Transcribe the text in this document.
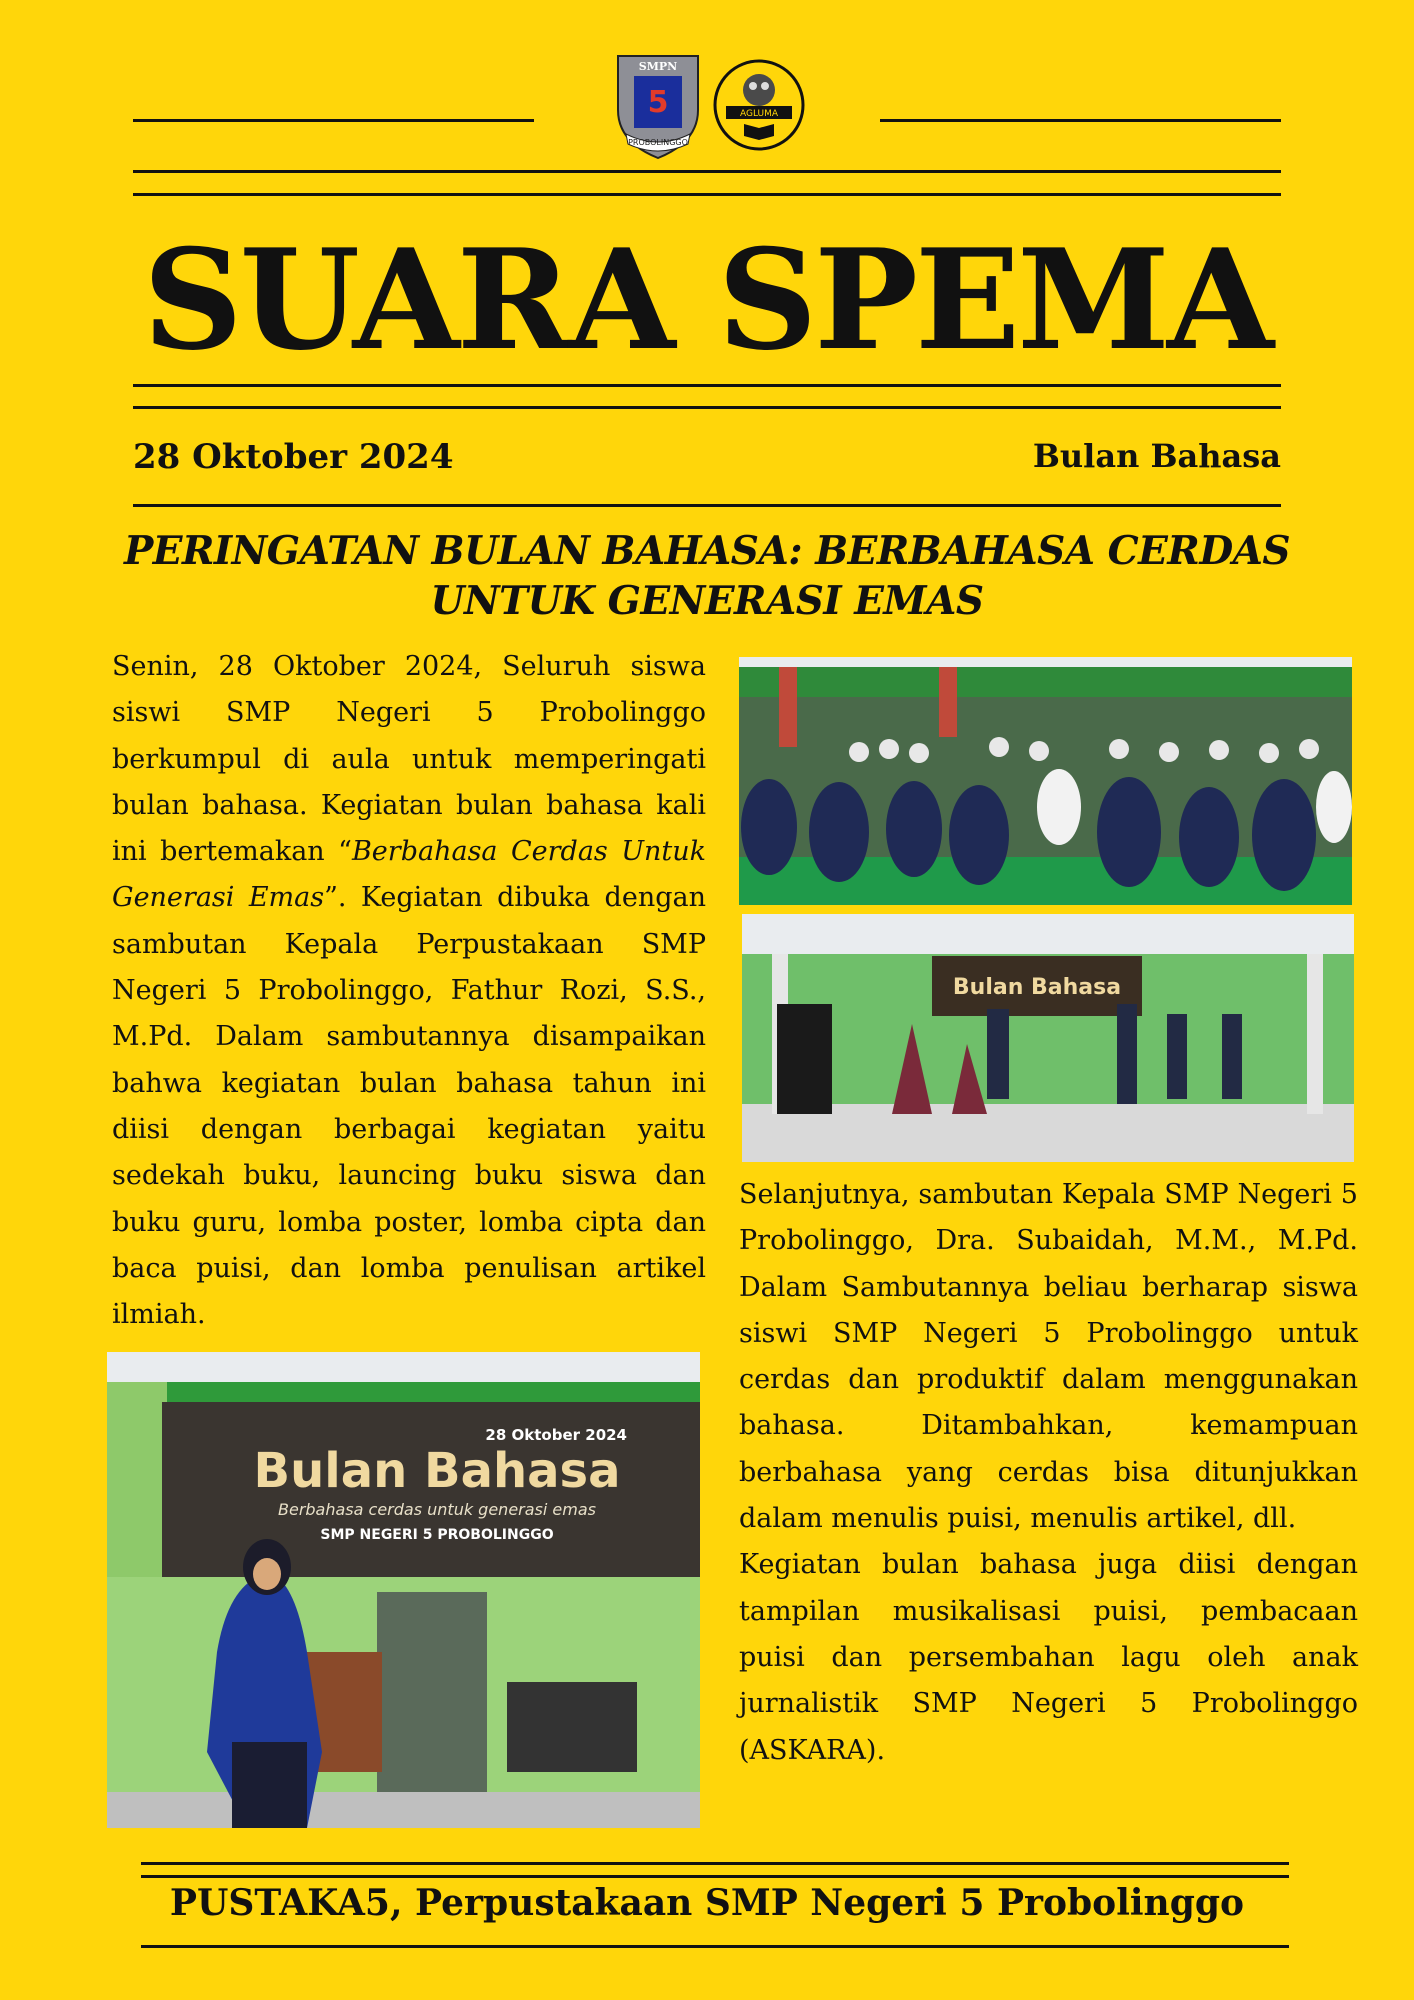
SMPN
5
PROBOLINGGO
AGLUMA
SUARA SPEMA
28 Oktober 2024	Bulan Bahasa
PERINGATAN BULAN BAHASA: BERBAHASA CERDAS UNTUK GENERASI EMAS

Senin, 28 Oktober 2024, Seluruh siswa siswi SMP Negeri 5 Probolinggo berkumpul di aula untuk memperingati bulan bahasa. Kegiatan bulan bahasa kali ini bertemakan “Berbahasa Cerdas Untuk Generasi Emas”. Kegiatan dibuka dengan sambutan Kepala Perpustakaan SMP Negeri 5 Probolinggo, Fathur Rozi, S.S., M.Pd. Dalam sambutannya disampaikan bahwa kegiatan bulan bahasa tahun ini diisi dengan berbagai kegiatan yaitu sedekah buku, launcing buku siswa dan buku guru, lomba poster, lomba cipta dan baca puisi, dan lomba penulisan artikel ilmiah.

Bulan Bahasa
28 Oktober 2024
Bulan Bahasa
Berbahasa cerdas untuk generasi emas
SMP NEGERI 5 PROBOLINGGO

Selanjutnya, sambutan Kepala SMP Negeri 5 Probolinggo, Dra. Subaidah, M.M., M.Pd. Dalam Sambutannya beliau berharap siswa siswi SMP Negeri 5 Probolinggo untuk cerdas dan produktif dalam menggunakan bahasa. Ditambahkan, kemampuan berbahasa yang cerdas bisa ditunjukkan dalam menulis puisi, menulis artikel, dll.

Kegiatan bulan bahasa juga diisi dengan tampilan musikalisasi puisi, pembacaan puisi dan persembahan lagu oleh anak jurnalistik SMP Negeri 5 Probolinggo (ASKARA).

PUSTAKA5, Perpustakaan SMP Negeri 5 Probolinggo
